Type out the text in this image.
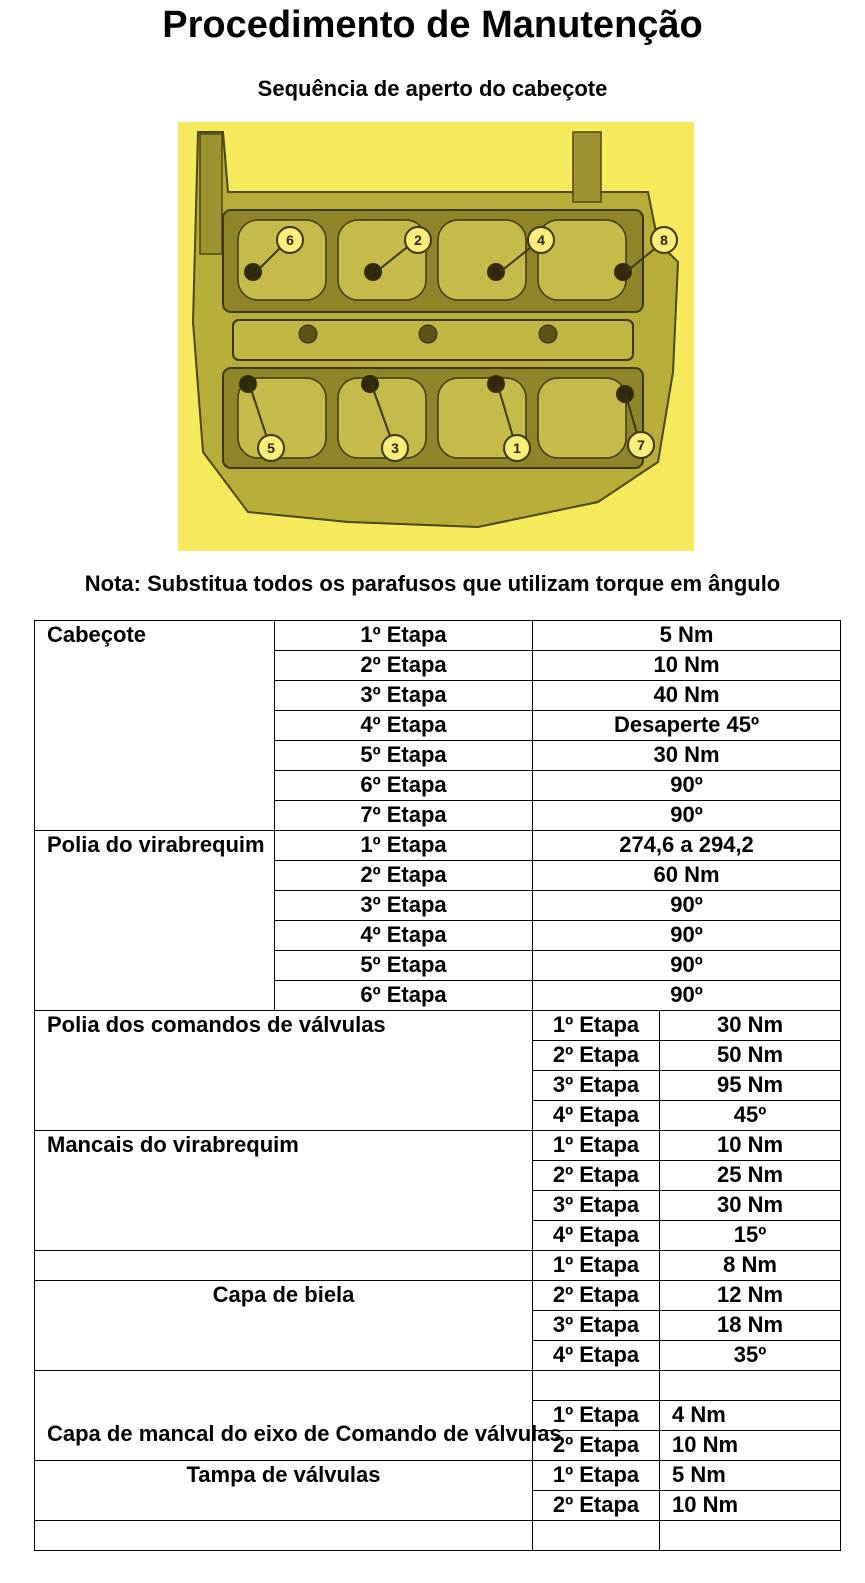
Procedimento de Manutenção
Sequência de aperto do cabeçote
6	2	4	8
5	3	1	7
Nota: Substitua todos os parafusos que utilizam torque em ângulo
Cabeçote	1º Etapa	5 Nm	
	2º Etapa	10 Nm	
	3º Etapa	40 Nm	
	4º Etapa	Desaperte 45º	
	5º Etapa	30 Nm	
	6º Etapa	90º	
	7º Etapa	90º	
Polia do virabrequim	1º Etapa	274,6 a 294,2	
	2º Etapa	60 Nm	
	3º Etapa	90º	
	4º Etapa	90º	
	5º Etapa	90º	
	6º Etapa	90º	
Polia dos comandos de válvulas		1º Etapa	30 Nm
		2º Etapa	50 Nm
		3º Etapa	95 Nm
		4º Etapa	45º
Mancais do virabrequim		1º Etapa	10 Nm
		2º Etapa	25 Nm
		3º Etapa	30 Nm
		4º Etapa	15º
		1º Etapa	8 Nm
Capa de biela		2º Etapa	12 Nm
		3º Etapa	18 Nm
		4º Etapa	35º
Capa de mancal do eixo de Comando de válvulas			
		1º Etapa	4 Nm
		2º Etapa	10 Nm
Tampa de válvulas		1º Etapa	5 Nm
		2º Etapa	10 Nm
